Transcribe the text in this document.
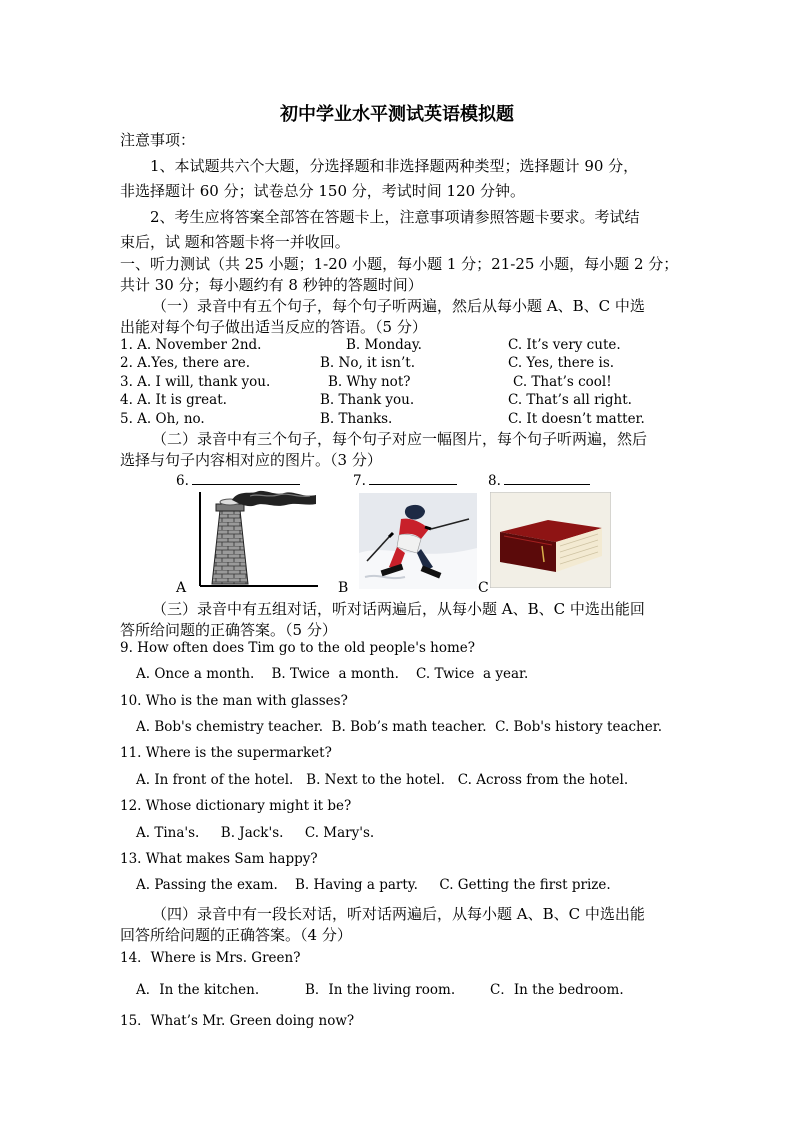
初中学业水平测试英语模拟题
注意事项：
1、本试题共六个大题，分选择题和非选择题两种类型；选择题计 90 分，
非选择题计 60 分；试卷总分 150 分，考试时间 120 分钟。
2、考生应将答案全部答在答题卡上，注意事项请参照答题卡要求。考试结
束后，试 题和答题卡将一并收回。
一、听力测试（共 25 小题；1-20 小题，每小题 1 分；21-25 小题，每小题 2 分；
共计 30 分；每小题约有 8 秒钟的答题时间）
（一）录音中有五个句子，每个句子听两遍，然后从每小题 A、B、C 中选
出能对每个句子做出适当反应的答语。（5 分）
1. A. November 2nd.	B. Monday.	C. It’s very cute.
2. A.Yes, there are.	B. No, it isn’t.	C. Yes, there is.
3. A. I will, thank you.	B. Why not?	C. That’s cool!
4. A. It is great.	B. Thank you.	C. That’s all right.
5. A. Oh, no.	B. Thanks.	C. It doesn’t matter.
（二）录音中有三个句子，每个句子对应一幅图片，每个句子听两遍，然后
选择与句子内容相对应的图片。（3 分）
6.	7.	8.
A	B	C
（三）录音中有五组对话，听对话两遍后，从每小题 A、B、C 中选出能回
答所给问题的正确答案。（5 分）
9. How often does Tim go to the old people's home?
A. Once a month.    B. Twice  a month.    C. Twice  a year.
10. Who is the man with glasses?
A. Bob's chemistry teacher.  B. Bob’s math teacher.  C. Bob's history teacher.
11. Where is the supermarket?
A. In front of the hotel.   B. Next to the hotel.   C. Across from the hotel.
12. Whose dictionary might it be?
A. Tina's.     B. Jack's.     C. Mary's.
13. What makes Sam happy?
A. Passing the exam.    B. Having a party.     C. Getting the first prize.
（四）录音中有一段长对话，听对话两遍后，从每小题 A、B、C 中选出能
回答所给问题的正确答案。（4 分）
14．Where is Mrs. Green?
A．In the kitchen.	B．In the living room.	C．In the bedroom.
15．What’s Mr. Green doing now?
